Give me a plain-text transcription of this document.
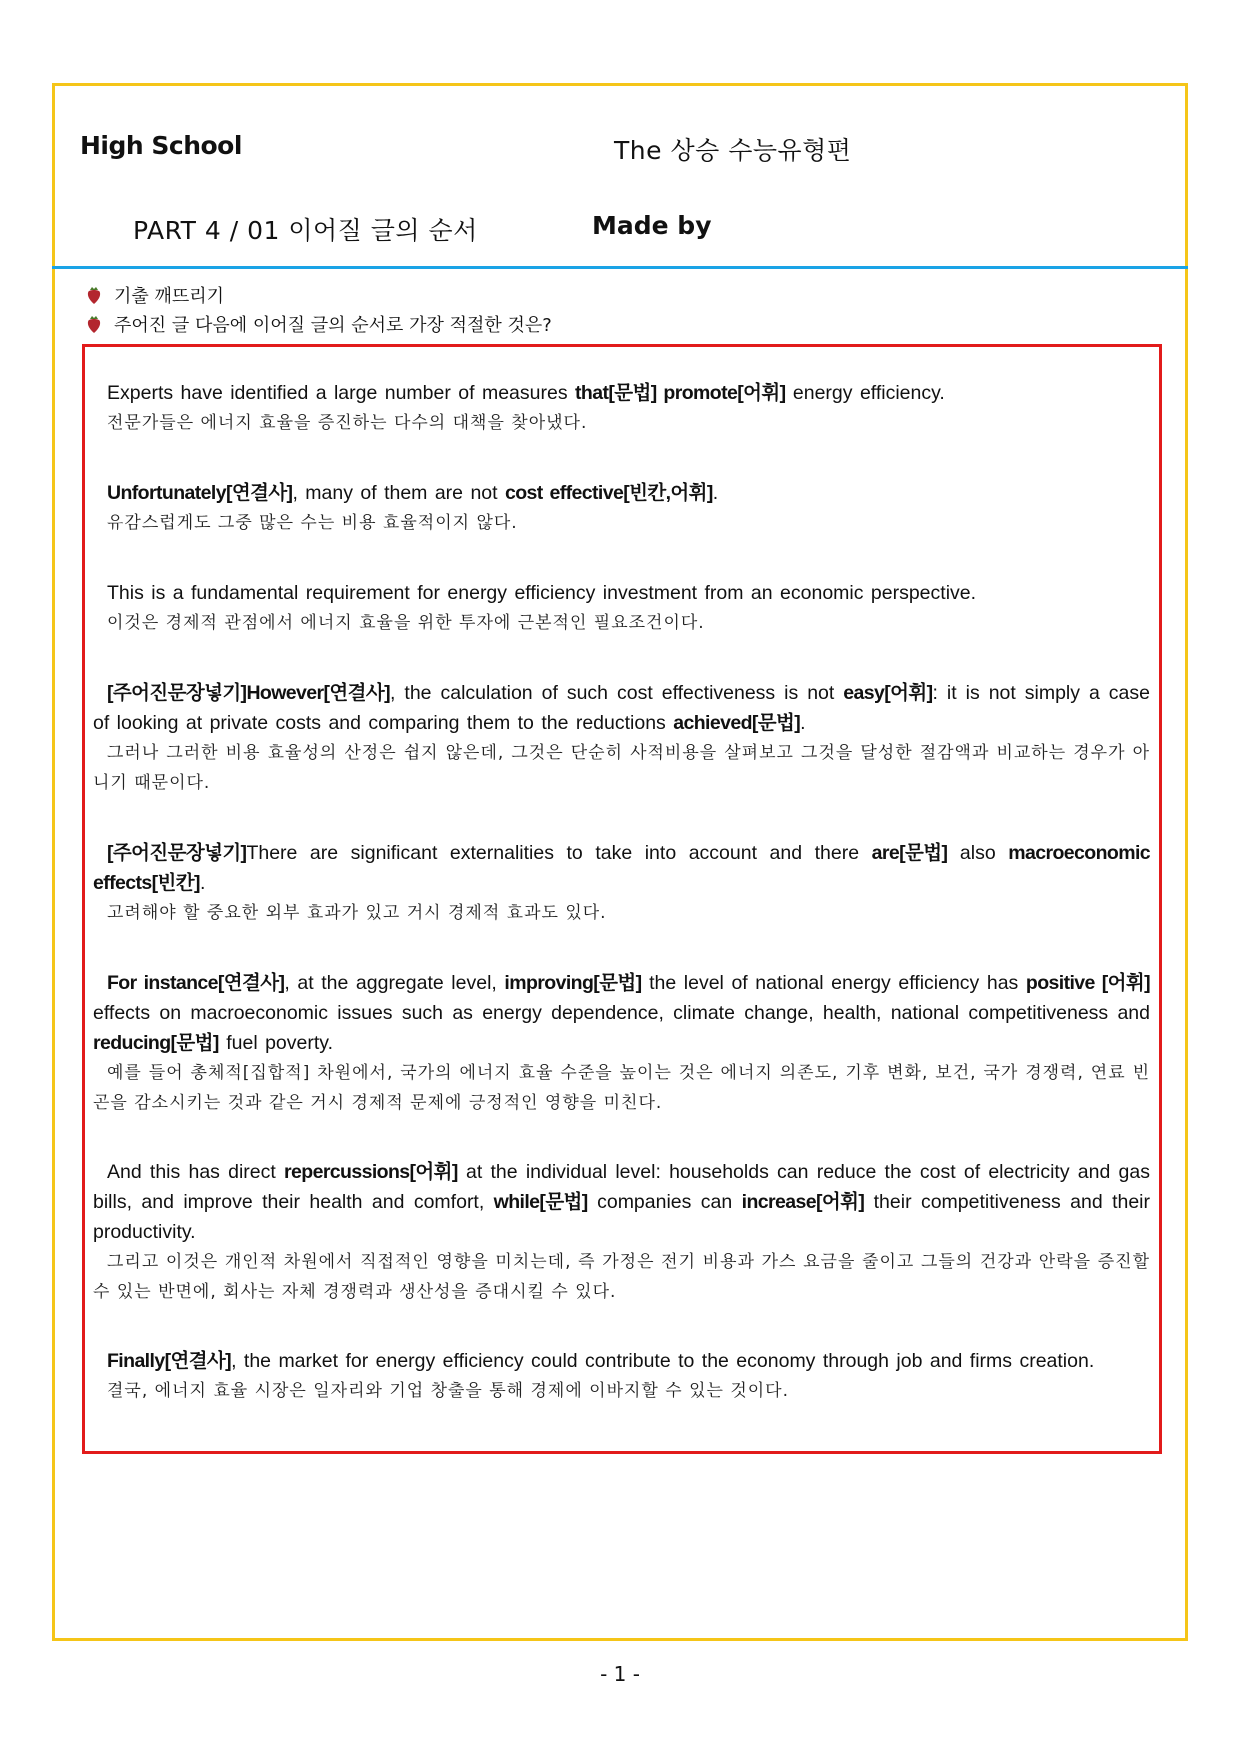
High School	The 상승 수능유형편
PART 4 / 01 이어질 글의 순서	Made by
기출 깨뜨리기
주어진 글 다음에 이어질 글의 순서로 가장 적절한 것은?
Experts have identified a large number of measures that[문법] promote[어휘] energy efficiency.
전문가들은 에너지 효율을 증진하는 다수의 대책을 찾아냈다.
Unfortunately[연결사], many of them are not cost effective[빈칸,어휘].
유감스럽게도 그중 많은 수는 비용 효율적이지 않다.
This is a fundamental requirement for energy efficiency investment from an economic perspective.
이것은 경제적 관점에서 에너지 효율을 위한 투자에 근본적인 필요조건이다.
[주어진문장넣기]However[연결사], the calculation of such cost effectiveness is not easy[어휘]: it is not simply a case of looking at private costs and comparing them to the reductions achieved[문법].
그러나 그러한 비용 효율성의 산정은 쉽지 않은데, 그것은 단순히 사적비용을 살펴보고 그것을 달성한 절감액과 비교하는 경우가 아니기 때문이다.
[주어진문장넣기]There are significant externalities to take into account and there are[문법] also macroeconomic effects[빈칸].
고려해야 할 중요한 외부 효과가 있고 거시 경제적 효과도 있다.
For instance[연결사], at the aggregate level, improving[문법] the level of national energy efficiency has positive [어휘] effects on macroeconomic issues such as energy dependence, climate change, health, national competitiveness and reducing[문법] fuel poverty.
예를 들어 총체적[집합적] 차원에서, 국가의 에너지 효율 수준을 높이는 것은 에너지 의존도, 기후 변화, 보건, 국가 경쟁력, 연료 빈곤을 감소시키는 것과 같은 거시 경제적 문제에 긍정적인 영향을 미친다.
And this has direct repercussions[어휘] at the individual level: households can reduce the cost of electricity and gas bills, and improve their health and comfort, while[문법] companies can increase[어휘] their competitiveness and their productivity.
그리고 이것은 개인적 차원에서 직접적인 영향을 미치는데, 즉 가정은 전기 비용과 가스 요금을 줄이고 그들의 건강과 안락을 증진할 수 있는 반면에, 회사는 자체 경쟁력과 생산성을 증대시킬 수 있다.
Finally[연결사], the market for energy efficiency could contribute to the economy through job and firms creation.
결국, 에너지 효율 시장은 일자리와 기업 창출을 통해 경제에 이바지할 수 있는 것이다.
- 1 -
